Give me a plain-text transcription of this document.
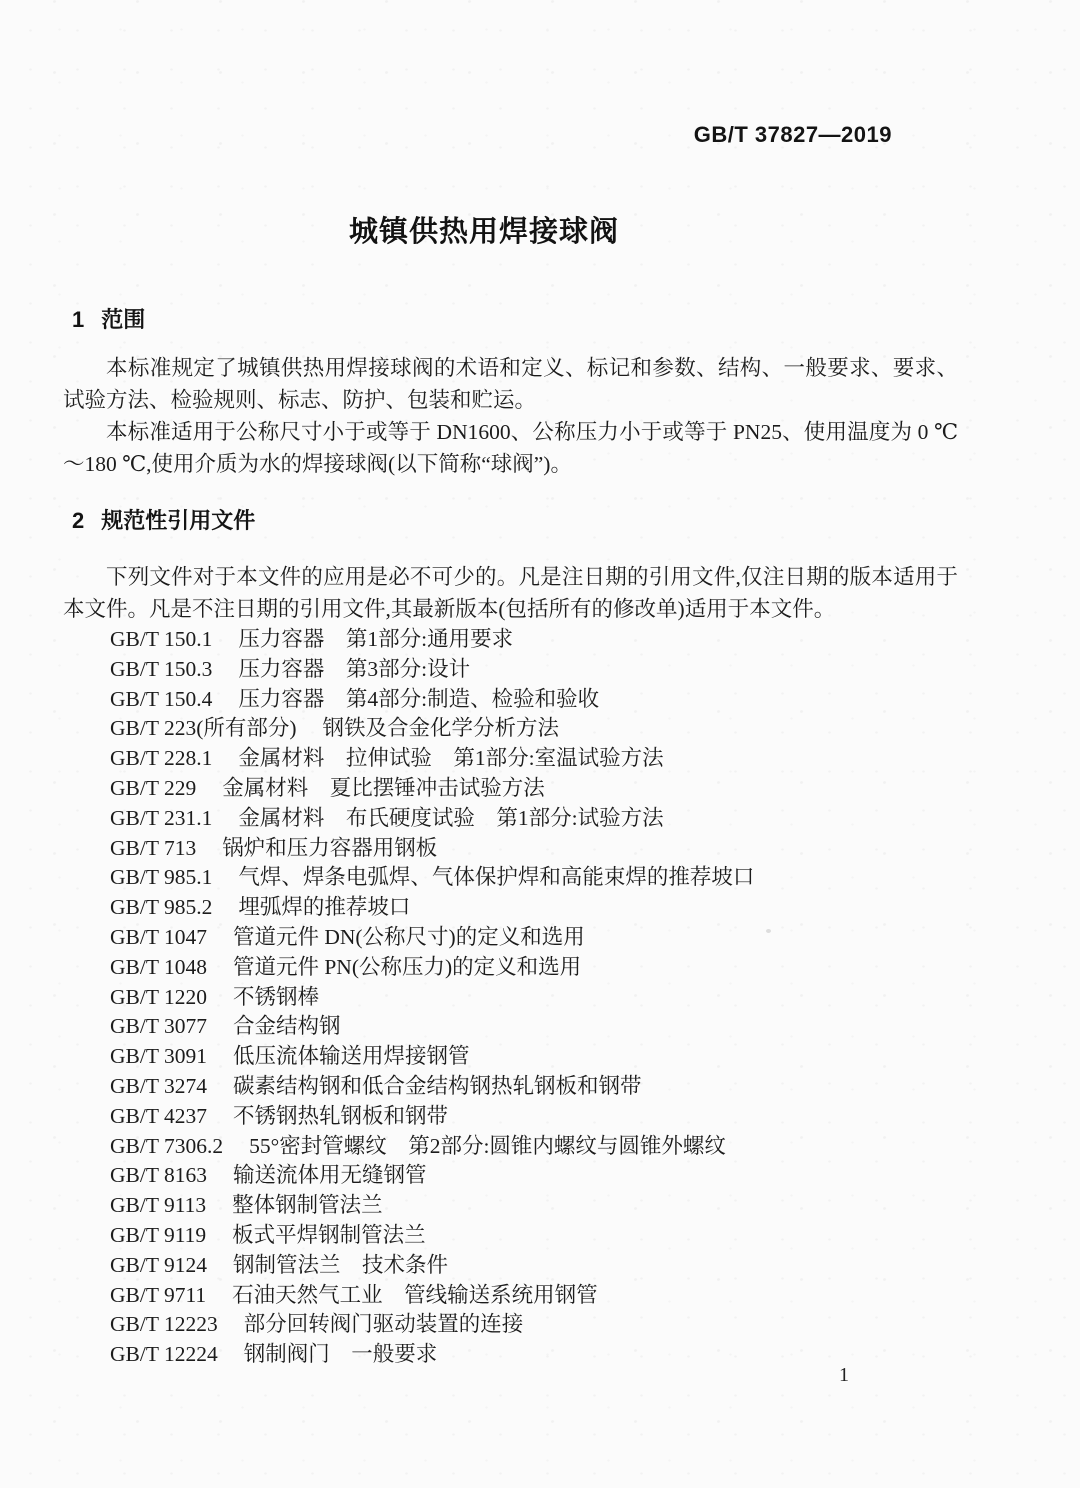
GB/T 37827—2019
城镇供热用焊接球阀
1 范围

本标准规定了城镇供热用焊接球阀的术语和定义、标记和参数、结构、一般要求、要求、试验方法、检验规则、标志、防护、包装和贮运。

本标准适用于公称尺寸小于或等于 DN1600、公称压力小于或等于 PN25、使用温度为 0 ℃～180 ℃,使用介质为水的焊接球阀(以下简称“球阀”)。

2 规范性引用文件

下列文件对于本文件的应用是必不可少的。凡是注日期的引用文件,仅注日期的版本适用于本文件。凡是不注日期的引用文件,其最新版本(包括所有的修改单)适用于本文件。

GB/T 150.1 压力容器　第1部分:通用要求
GB/T 150.3 压力容器　第3部分:设计
GB/T 150.4 压力容器　第4部分:制造、检验和验收
GB/T 223(所有部分) 钢铁及合金化学分析方法
GB/T 228.1 金属材料　拉伸试验　第1部分:室温试验方法
GB/T 229 金属材料　夏比摆锤冲击试验方法
GB/T 231.1 金属材料　布氏硬度试验　第1部分:试验方法
GB/T 713 锅炉和压力容器用钢板
GB/T 985.1 气焊、焊条电弧焊、气体保护焊和高能束焊的推荐坡口
GB/T 985.2 埋弧焊的推荐坡口
GB/T 1047 管道元件 DN(公称尺寸)的定义和选用
GB/T 1048 管道元件 PN(公称压力)的定义和选用
GB/T 1220 不锈钢棒
GB/T 3077 合金结构钢
GB/T 3091 低压流体输送用焊接钢管
GB/T 3274 碳素结构钢和低合金结构钢热轧钢板和钢带
GB/T 4237 不锈钢热轧钢板和钢带
GB/T 7306.2 55°密封管螺纹　第2部分:圆锥内螺纹与圆锥外螺纹
GB/T 8163 输送流体用无缝钢管
GB/T 9113 整体钢制管法兰
GB/T 9119 板式平焊钢制管法兰
GB/T 9124 钢制管法兰　技术条件
GB/T 9711 石油天然气工业　管线输送系统用钢管
GB/T 12223 部分回转阀门驱动装置的连接
GB/T 12224 钢制阀门　一般要求
1
